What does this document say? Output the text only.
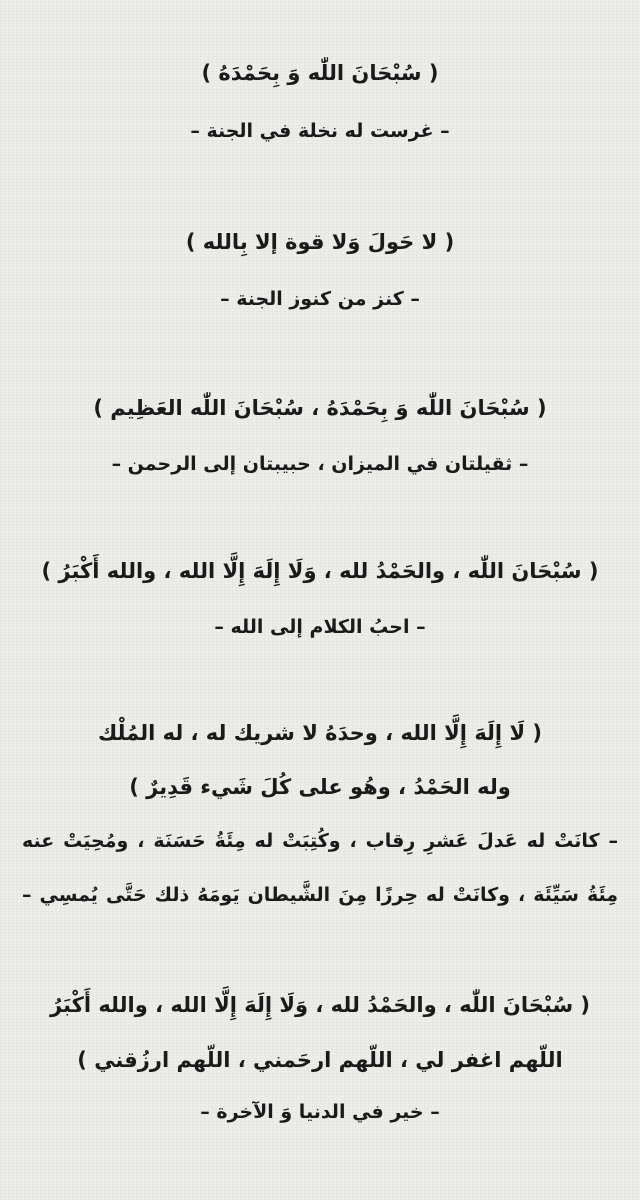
( سُبْحَانَ اللّٰه وَ بِحَمْدَهُ )

– غرست له نخلة في الجنة –

( لا حَولَ وَلا قوة إلا بِالله )

– كنز من كنوز الجنة –

( سُبْحَانَ اللّٰه وَ بِحَمْدَهُ ، سُبْحَانَ اللّٰه العَظِيم )

– ثقيلتان في الميزان ، حبيبتان إلى الرحمن –

( سُبْحَانَ اللّٰه ، والحَمْدُ لله ، وَلَا إِلَهَ إِلَّا الله ، والله أَكْبَرُ )

– احبُ الكلام إلى الله –

( لَا إِلَهَ إِلَّا الله ، وحدَهُ لا شريك له ، له المُلْك

وله الحَمْدُ ، وهُو على كُلَ شَيء قَدِيرٌ )

– كانَتْ له عَدلَ عَشرِ رِقاب ، وكُتِبَتْ له مِئَةُ حَسَنَة ، ومُحِيَتْ عنه

مِئَةُ سَيِّئَة ، وكانَتْ له حِرزًا مِنَ الشَّيطان يَومَهُ ذلك حَتَّى يُمسِي –

( سُبْحَانَ اللّٰه ، والحَمْدُ لله ، وَلَا إِلَهَ إِلَّا الله ، والله أَكْبَرُ

اللّهم اغفر لي ، اللّهم ارحَمني ، اللّهم ارزُقني )

– خير في الدنيا وَ الآخرة –
